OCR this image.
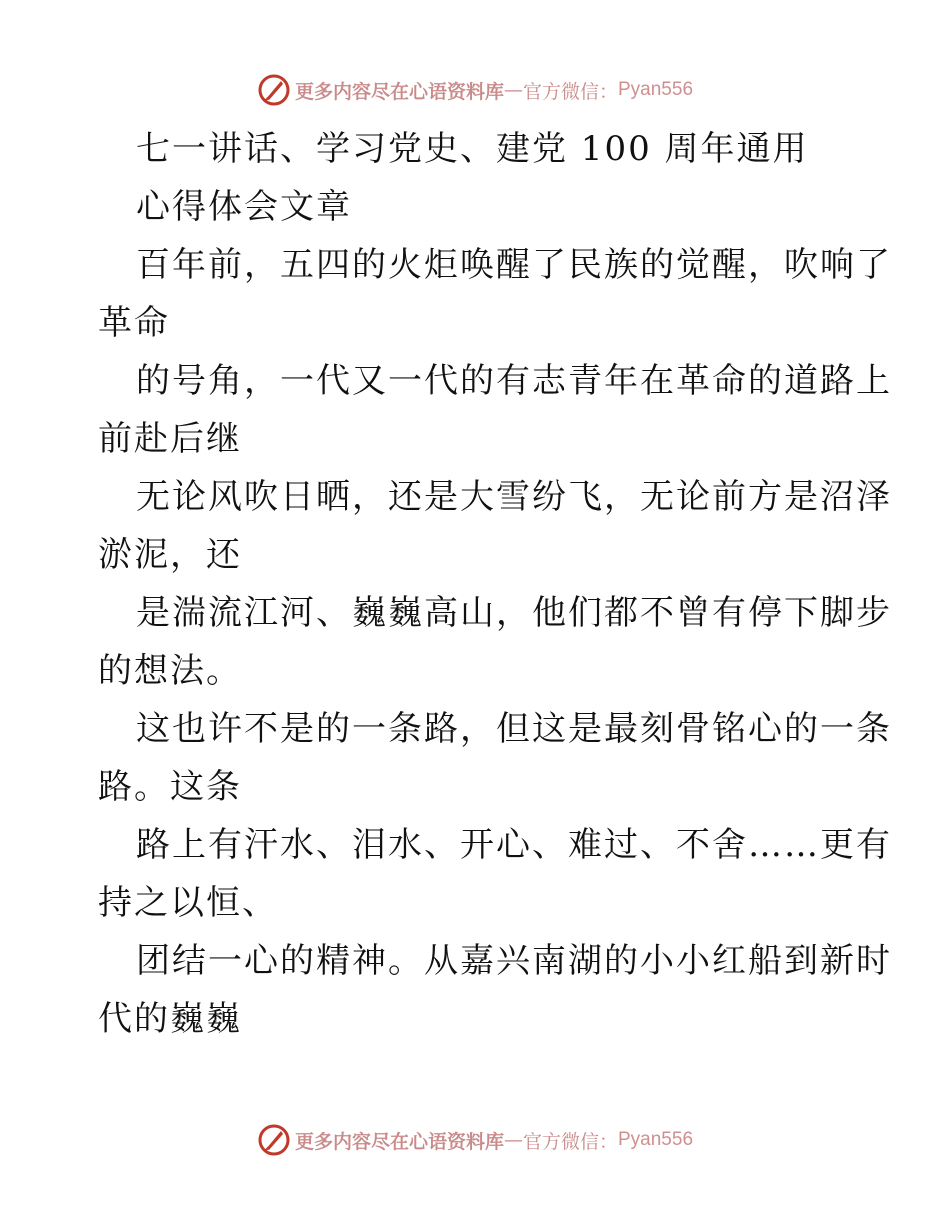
更多内容尽在心语资料库 — 官方微信： Pyan556
七一讲话、学习党史、建党 100 周年通用
心得体会文章
百年前，五四的火炬唤醒了民族的觉醒，吹响了
革命
的号角，一代又一代的有志青年在革命的道路上
前赴后继
无论风吹日晒，还是大雪纷飞，无论前方是沼泽
淤泥，还
是湍流江河、巍巍高山，他们都不曾有停下脚步
的想法。
这也许不是的一条路，但这是最刻骨铭心的一条
路。这条
路上有汗水、泪水、开心、难过、不舍……更有
持之以恒、
团结一心的精神。从嘉兴南湖的小小红船到新时
代的巍巍
更多内容尽在心语资料库 — 官方微信： Pyan556
